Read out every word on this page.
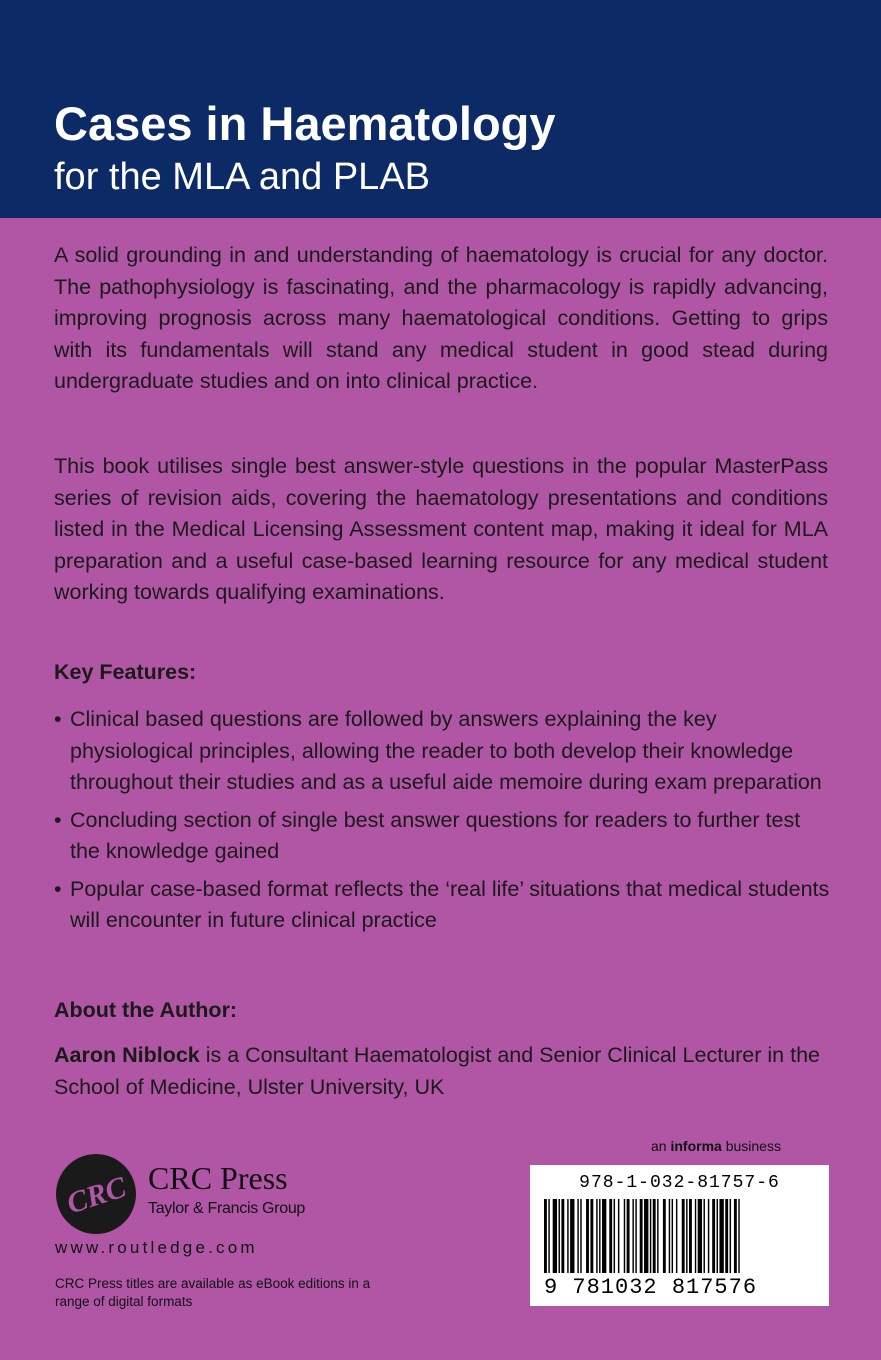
Cases in Haematology
for the MLA and PLAB

A solid grounding in and understanding of haematology is crucial for any doctor. The pathophysiology is fascinating, and the pharmacology is rapidly advancing, improving prognosis across many haematological conditions. Getting to grips with its fundamentals will stand any medical student in good stead during undergraduate studies and on into clinical practice.

This book utilises single best answer-style questions in the popular MasterPass series of revision aids, covering the haematology presentations and conditions listed in the Medical Licensing Assessment content map, making it ideal for MLA preparation and a useful case-based learning resource for any medical student working towards qualifying examinations.

Key Features:
• Clinical based questions are followed by answers explaining the key physiological principles, allowing the reader to both develop their knowledge throughout their studies and as a useful aide memoire during exam preparation
• Concluding section of single best answer questions for readers to further test the knowledge gained
• Popular case-based format reflects the ‘real life’ situations that medical students will encounter in future clinical practice
About the Author:
Aaron Niblock is a Consultant Haematologist and Senior Clinical Lecturer in the School of Medicine, Ulster University, UK
an informa business
CRC CRC Press
Taylor & Francis Group
www.routledge.com
CRC Press titles are available as eBook editions in a range of digital formats
978-1-032-81757-6
9 781032 817576
